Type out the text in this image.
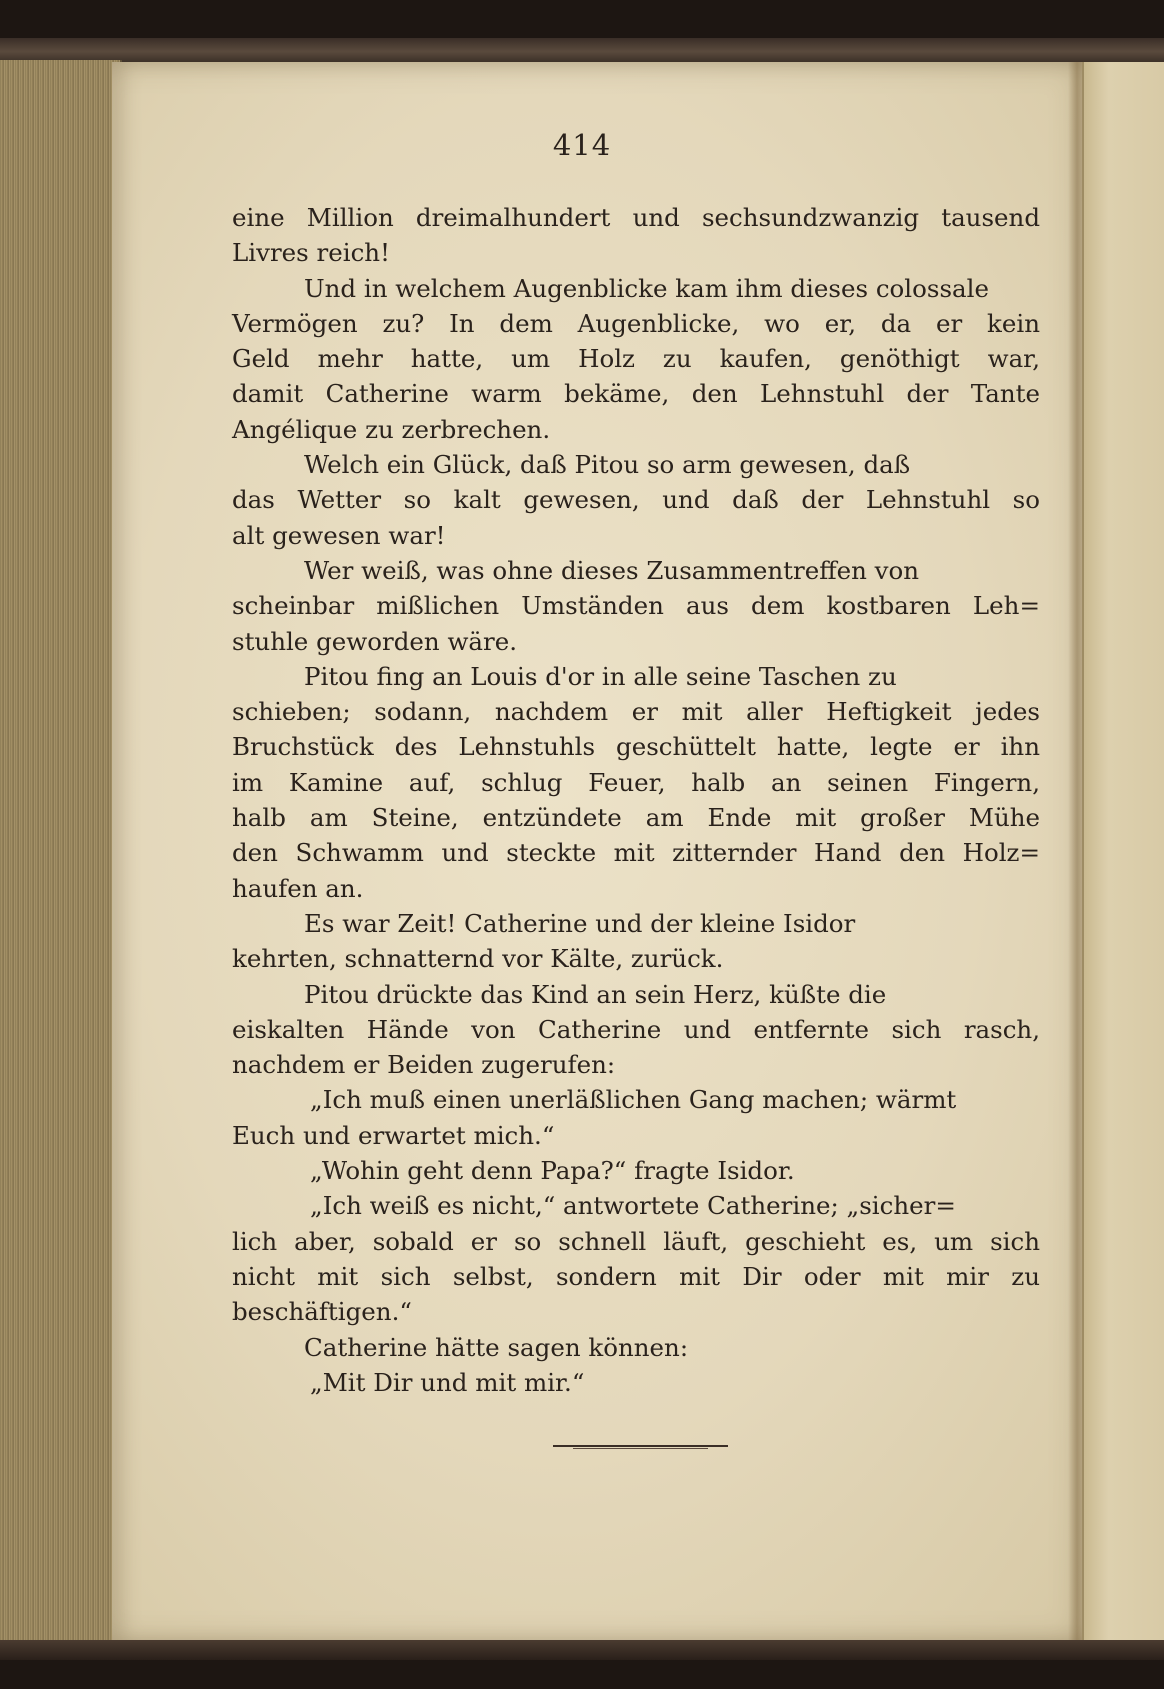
414
eine Million dreimalhundert und sechsundzwanzig tausend
Livres reich!
Und in welchem Augenblicke kam ihm dieses colossale
Vermögen zu? In dem Augenblicke, wo er, da er kein
Geld mehr hatte, um Holz zu kaufen, genöthigt war,
damit Catherine warm bekäme, den Lehnstuhl der Tante
Angélique zu zerbrechen.
Welch ein Glück, daß Pitou so arm gewesen, daß
das Wetter so kalt gewesen, und daß der Lehnstuhl so
alt gewesen war!
Wer weiß, was ohne dieses Zusammentreffen von
scheinbar mißlichen Umständen aus dem kostbaren Leh=
stuhle geworden wäre.
Pitou fing an Louis d'or in alle seine Taschen zu
schieben; sodann, nachdem er mit aller Heftigkeit jedes
Bruchstück des Lehnstuhls geschüttelt hatte, legte er ihn
im Kamine auf, schlug Feuer, halb an seinen Fingern,
halb am Steine, entzündete am Ende mit großer Mühe
den Schwamm und steckte mit zitternder Hand den Holz=
haufen an.
Es war Zeit! Catherine und der kleine Isidor
kehrten, schnatternd vor Kälte, zurück.
Pitou drückte das Kind an sein Herz, küßte die
eiskalten Hände von Catherine und entfernte sich rasch,
nachdem er Beiden zugerufen:
„Ich muß einen unerläßlichen Gang machen; wärmt
Euch und erwartet mich.“
„Wohin geht denn Papa?“ fragte Isidor.
„Ich weiß es nicht,“ antwortete Catherine; „sicher=
lich aber, sobald er so schnell läuft, geschieht es, um sich
nicht mit sich selbst, sondern mit Dir oder mit mir zu
beschäftigen.“
Catherine hätte sagen können:
„Mit Dir und mit mir.“
